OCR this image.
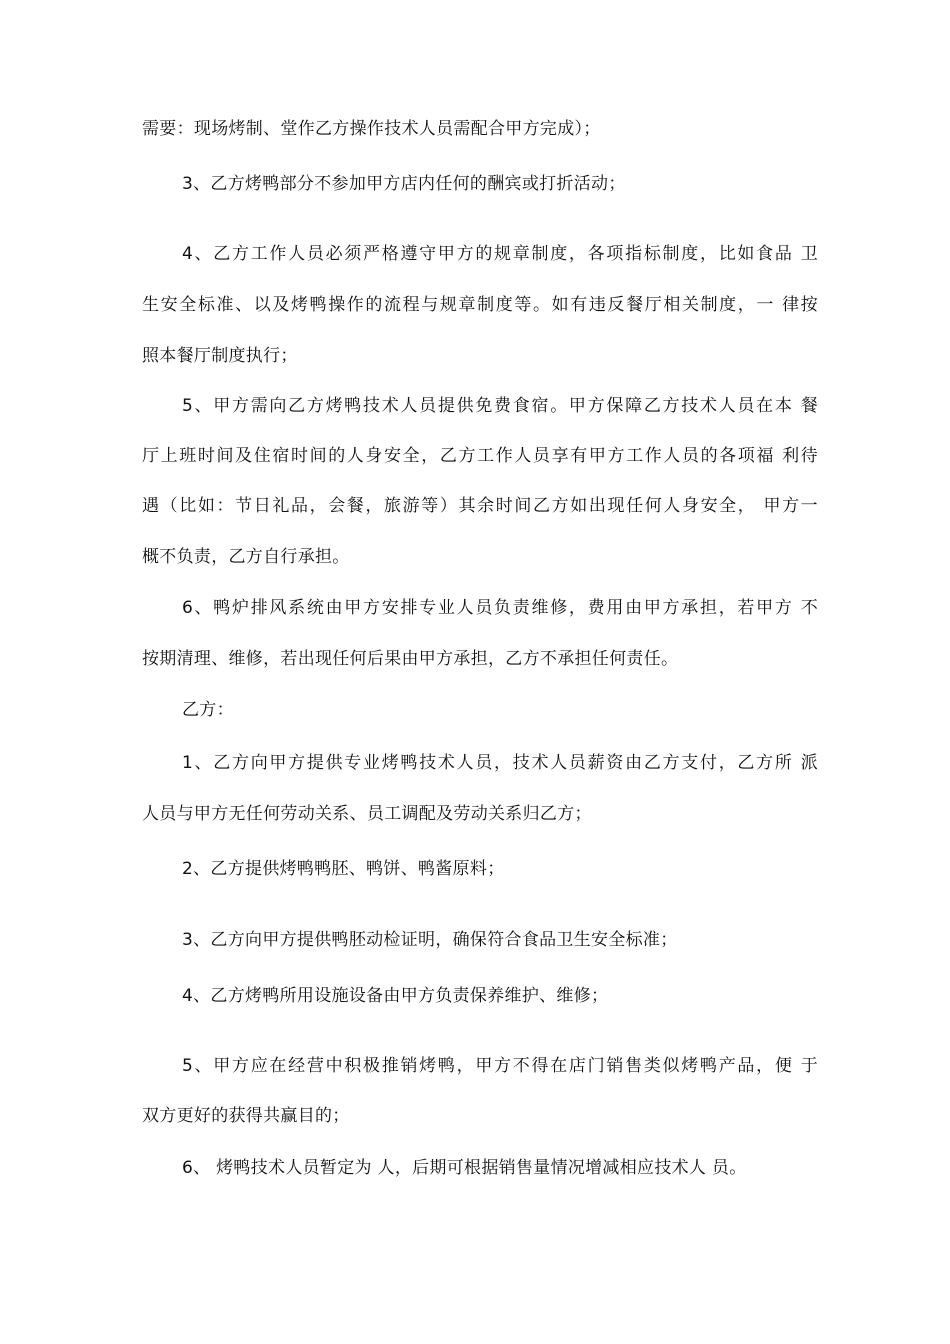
需要：现场烤制、堂作乙方操作技术人员需配合甲方完成）；
3、乙方烤鸭部分不参加甲方店内任何的酬宾或打折活动；
4、乙方工作人员必须严格遵守甲方的规章制度，各项指标制度，比如食品 卫
生安全标准、以及烤鸭操作的流程与规章制度等。如有违反餐厅相关制度，一 律按
照本餐厅制度执行；
5、甲方需向乙方烤鸭技术人员提供免费食宿。甲方保障乙方技术人员在本 餐
厅上班时间及住宿时间的人身安全，乙方工作人员享有甲方工作人员的各项福 利待
遇（比如：节日礼品，会餐，旅游等）其余时间乙方如出现任何人身安全， 甲方一
概不负责，乙方自行承担。
6、鸭炉排风系统由甲方安排专业人员负责维修，费用由甲方承担，若甲方 不
按期清理、维修，若出现任何后果由甲方承担，乙方不承担任何责任。
乙方：
1、乙方向甲方提供专业烤鸭技术人员，技术人员薪资由乙方支付，乙方所 派
人员与甲方无任何劳动关系、员工调配及劳动关系归乙方；
2、乙方提供烤鸭鸭胚、鸭饼、鸭酱原料；
3、乙方向甲方提供鸭胚动检证明，确保符合食品卫生安全标准；
4、乙方烤鸭所用设施设备由甲方负责保养维护、维修；
5、甲方应在经营中积极推销烤鸭，甲方不得在店门销售类似烤鸭产品，便 于
双方更好的获得共赢目的；
6、 烤鸭技术人员暂定为 人，后期可根据销售量情况增减相应技术人 员。
